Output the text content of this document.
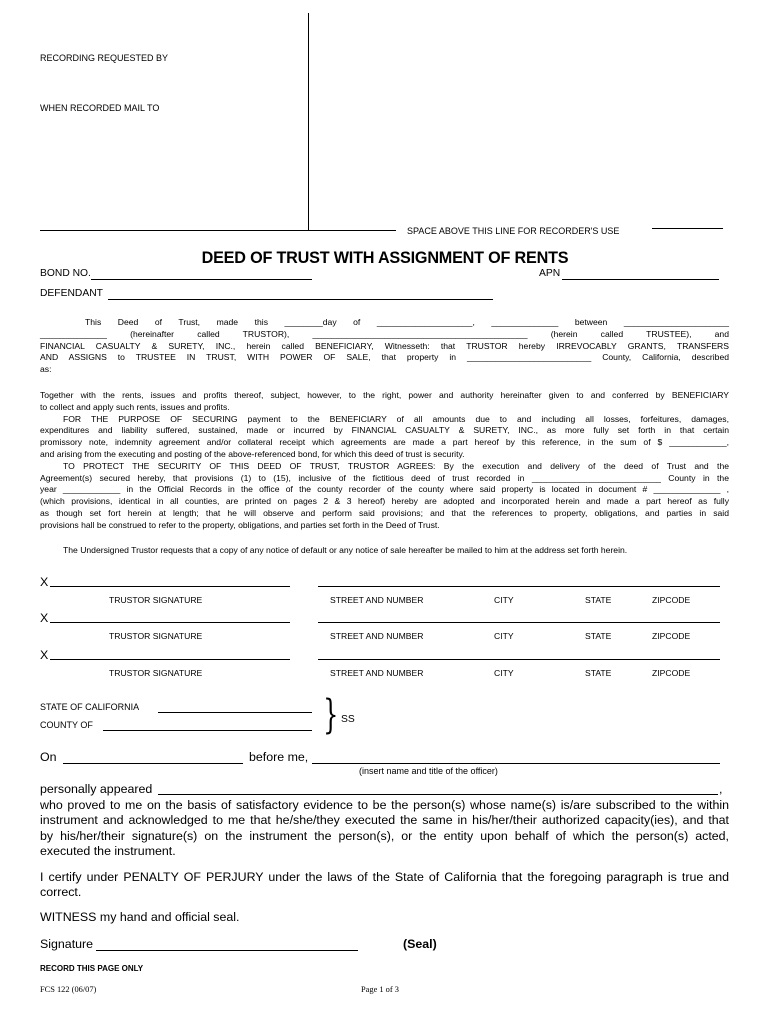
RECORDING REQUESTED BY
WHEN RECORDED MAIL TO
SPACE ABOVE THIS LINE FOR RECORDER'S USE
DEED OF TRUST WITH ASSIGNMENT OF RENTS
BOND NO.	APN
DEFENDANT
This Deed of Trust, made this ________day of ____________________, ______________ between ______________________
______________ (hereinafter called TRUSTOR), _____________________________________________ (herein called TRUSTEE), and
FINANCIAL CASUALTY & SURETY, INC., herein called BENEFICIARY, Witnesseth: that TRUSTOR hereby IRREVOCABLY GRANTS, TRANSFERS
AND ASSIGNS to TRUSTEE IN TRUST, WITH POWER OF SALE, that property in __________________________ County, California, described
as:
Together with the rents, issues and profits thereof, subject, however, to the right, power and authority hereinafter given to and conferred by BENEFICIARY
to collect and apply such rents, issues and profits.
FOR THE PURPOSE OF SECURING payment to the BENEFICIARY of all amounts due to and including all losses, forfeitures, damages,
expenditures and liability suffered, sustained, made or incurred by FINANCIAL CASUALTY & SURETY, INC., as more fully set forth in that certain
promissory note, indemnity agreement and/or collateral receipt which agreements are made a part hereof by this reference, in the sum of $ ____________,
and arising from the executing and posting of the above-referenced bond, for which this deed of trust is security.
TO PROTECT THE SECURITY OF THIS DEED OF TRUST, TRUSTOR AGREES: By the execution and delivery of the deed of Trust and the
Agreement(s) secured hereby, that provisions (1) to (15), inclusive of the fictitious deed of trust recorded in ___________________________ County in the
year ____________ in the Official Records in the office of the county recorder of the county where said property is located in document # ______________ ,
(which provisions, identical in all counties, are printed on pages 2 & 3 hereof) hereby are adopted and incorporated herein and made a part hereof as fully
as though set fort herein at length; that he will observe and perform said provisions; and that the references to property, obligations, and parties in said
provisions hall be construed to refer to the property, obligations, and parties set forth in the Deed of Trust.
The Undersigned Trustor requests that a copy of any notice of default or any notice of sale hereafter be mailed to him at the address set forth herein.
X
TRUSTOR SIGNATURE	STREET AND NUMBER	CITY	STATE	ZIPCODE
X
TRUSTOR SIGNATURE	STREET AND NUMBER	CITY	STATE	ZIPCODE
X
TRUSTOR SIGNATURE	STREET AND NUMBER	CITY	STATE	ZIPCODE
STATE OF CALIFORNIA
COUNTY OF	} SS
On	before me,
(insert name and title of the officer)
personally appeared	,
who proved to me on the basis of satisfactory evidence to be the person(s) whose name(s) is/are subscribed to the within
instrument and acknowledged to me that he/she/they executed the same in his/her/their authorized capacity(ies), and that
by his/her/their signature(s) on the instrument the person(s), or the entity upon behalf of which the person(s) acted,
executed the instrument.
I certify under PENALTY OF PERJURY under the laws of the State of California that the foregoing paragraph is true and
correct.
WITNESS my hand and official seal.
Signature	(Seal)
RECORD THIS PAGE ONLY
FCS 122 (06/07)	Page 1 of 3
